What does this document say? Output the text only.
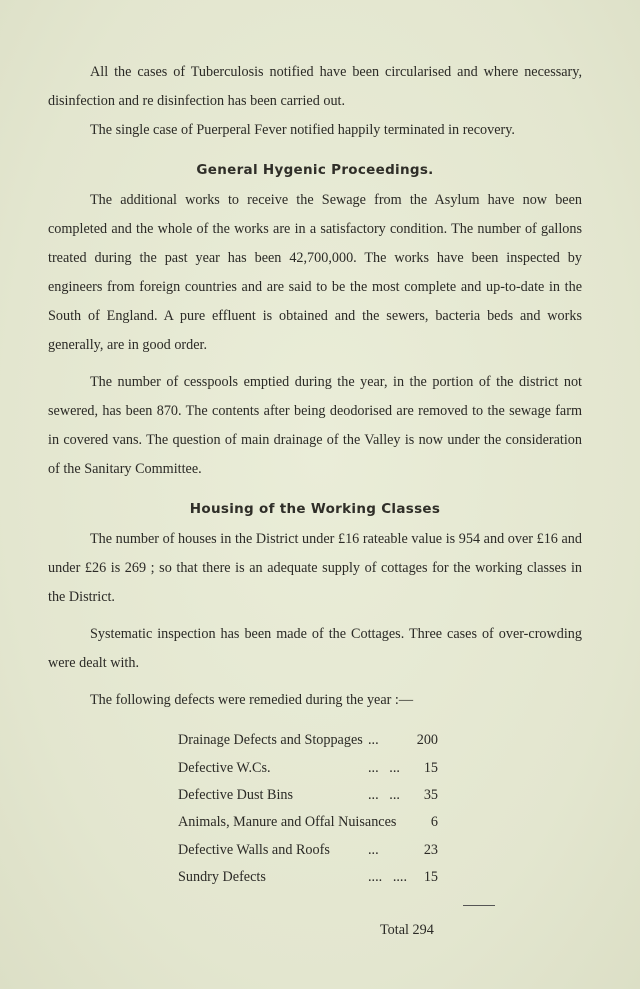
All the cases of Tuberculosis notified have been circularised and where necessary, disinfection and re disinfection has been carried out.

The single case of Puerperal Fever notified happily terminated in recovery.

General Hygenic Proceedings.

The additional works to receive the Sewage from the Asylum have now been completed and the whole of the works are in a satisfactory condition. The number of gallons treated during the past year has been 42,700,000. The works have been inspected by engineers from foreign countries and are said to be the most complete and up-to-date in the South of England. A pure effluent is obtained and the sewers, bacteria beds and works generally, are in good order.

The number of cesspools emptied during the year, in the portion of the district not sewered, has been 870. The contents after being deodorised are removed to the sewage farm in covered vans. The question of main drainage of the Valley is now under the consideration of the Sanitary Committee.

Housing of the Working Classes

The number of houses in the District under £16 rateable value is 954 and over £16 and under £26 is 269 ; so that there is an adequate supply of cottages for the working classes in the District.

Systematic inspection has been made of the Cottages. Three cases of over-crowding were dealt with.

The following defects were remedied during the year :—

Drainage Defects and Stoppages	...	200
Defective W.Cs.	...   ...	15
Defective Dust Bins	...   ...	35
Animals, Manure and Offal Nuisances		6
Defective Walls and Roofs	...	23
Sundry Defects	....   ....	15
Total 294
